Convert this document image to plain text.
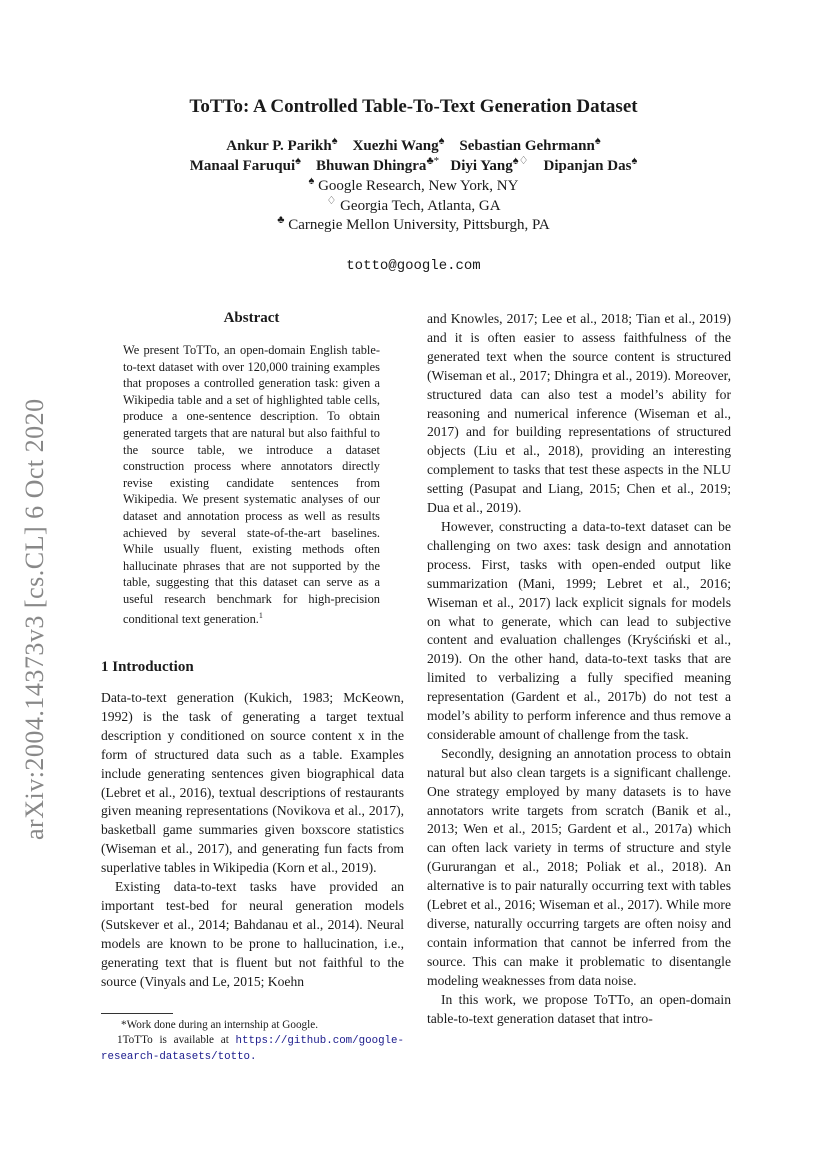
arXiv:2004.14373v3 [cs.CL] 6 Oct 2020
ToTTo: A Controlled Table-To-Text Generation Dataset
Ankur P. Parikh♠ Xuezhi Wang♠ Sebastian Gehrmann♠
Manaal Faruqui♠ Bhuwan Dhingra♣* Diyi Yang♠♢ Dipanjan Das♠
♠ Google Research, New York, NY
♢ Georgia Tech, Atlanta, GA
♣ Carnegie Mellon University, Pittsburgh, PA
totto@google.com
Abstract
We present ToTTo, an open-domain English table-to-text dataset with over 120,000 training examples that proposes a controlled generation task: given a Wikipedia table and a set of highlighted table cells, produce a one-sentence description. To obtain generated targets that are natural but also faithful to the source table, we introduce a dataset construction process where annotators directly revise existing candidate sentences from Wikipedia. We present systematic analyses of our dataset and annotation process as well as results achieved by several state-of-the-art baselines. While usually fluent, existing methods often hallucinate phrases that are not supported by the table, suggesting that this dataset can serve as a useful research benchmark for high-precision conditional text generation.$^1$
1 Introduction

Data-to-text generation (Kukich, 1983; McKeown, 1992) is the task of generating a target textual description y conditioned on source content x in the form of structured data such as a table. Examples include generating sentences given biographical data (Lebret et al., 2016), textual descriptions of restaurants given meaning representations (Novikova et al., 2017), basketball game summaries given boxscore statistics (Wiseman et al., 2017), and generating fun facts from superlative tables in Wikipedia (Korn et al., 2019).

Existing data-to-text tasks have provided an important test-bed for neural generation models (Sutskever et al., 2014; Bahdanau et al., 2014). Neural models are known to be prone to hallucination, i.e., generating text that is fluent but not faithful to the source (Vinyals and Le, 2015; Koehn

and Knowles, 2017; Lee et al., 2018; Tian et al., 2019) and it is often easier to assess faithfulness of the generated text when the source content is structured (Wiseman et al., 2017; Dhingra et al., 2019). Moreover, structured data can also test a model’s ability for reasoning and numerical inference (Wiseman et al., 2017) and for building representations of structured objects (Liu et al., 2018), providing an interesting complement to tasks that test these aspects in the NLU setting (Pasupat and Liang, 2015; Chen et al., 2019; Dua et al., 2019).

However, constructing a data-to-text dataset can be challenging on two axes: task design and annotation process. First, tasks with open-ended output like summarization (Mani, 1999; Lebret et al., 2016; Wiseman et al., 2017) lack explicit signals for models on what to generate, which can lead to subjective content and evaluation challenges (Kryściński et al., 2019). On the other hand, data-to-text tasks that are limited to verbalizing a fully specified meaning representation (Gardent et al., 2017b) do not test a model’s ability to perform inference and thus remove a considerable amount of challenge from the task.

Secondly, designing an annotation process to obtain natural but also clean targets is a significant challenge. One strategy employed by many datasets is to have annotators write targets from scratch (Banik et al., 2013; Wen et al., 2015; Gardent et al., 2017a) which can often lack variety in terms of structure and style (Gururangan et al., 2018; Poliak et al., 2018). An alternative is to pair naturally occurring text with tables (Lebret et al., 2016; Wiseman et al., 2017). While more diverse, naturally occurring targets are often noisy and contain information that cannot be inferred from the source. This can make it problematic to disentangle modeling weaknesses from data noise.

In this work, we propose ToTTo, an open-domain table-to-text generation dataset that intro-

*Work done during an internship at Google.

1ToTTo is available at https://github.com/google-research-datasets/totto.
